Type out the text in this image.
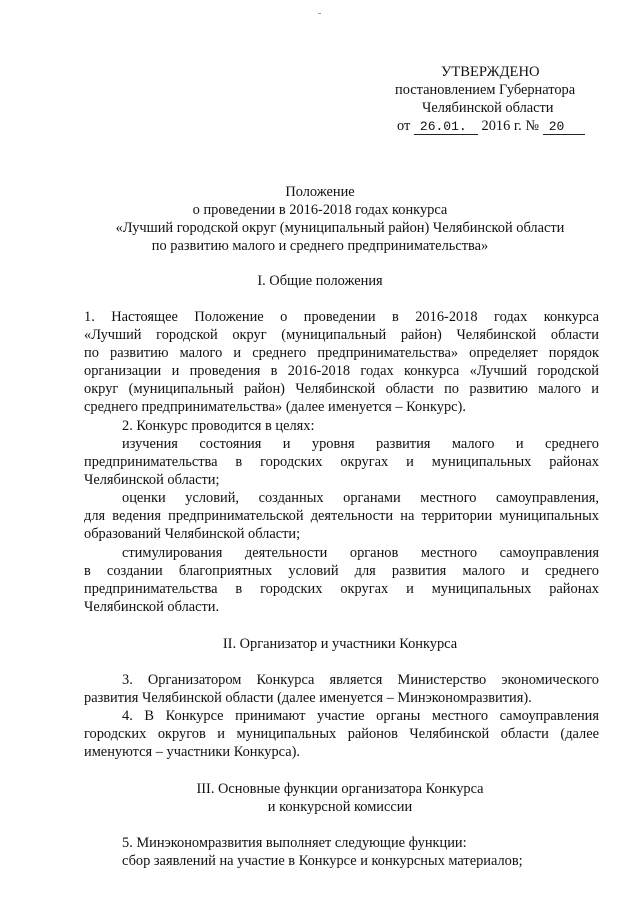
-
УТВЕРЖДЕНО
постановлением Губернатора
Челябинской области
от 26.01. 2016 г. № 20
Положение
о проведении в 2016-2018 годах конкурса
«Лучший городской округ (муниципальный район) Челябинской области
по развитию малого и среднего предпринимательства»
I. Общие положения
1. Настоящее Положение о проведении в 2016-2018 годах конкурса
«Лучший городской округ (муниципальный район) Челябинской области
по развитию малого и среднего предпринимательства» определяет порядок
организации и проведения в 2016-2018 годах конкурса «Лучший городской
округ (муниципальный район) Челябинской области по развитию малого и
среднего предпринимательства» (далее именуется – Конкурс).
2. Конкурс проводится в целях:
изучения состояния и уровня развития малого и среднего
предпринимательства в городских округах и муниципальных районах
Челябинской области;
оценки условий, созданных органами местного самоуправления,
для ведения предпринимательской деятельности на территории муниципальных
образований Челябинской области;
стимулирования деятельности органов местного самоуправления
в создании благоприятных условий для развития малого и среднего
предпринимательства в городских округах и муниципальных районах
Челябинской области.
II. Организатор и участники Конкурса
3. Организатором Конкурса является Министерство экономического
развития Челябинской области (далее именуется – Минэкономразвития).
4. В Конкурсе принимают участие органы местного самоуправления
городских округов и муниципальных районов Челябинской области (далее
именуются – участники Конкурса).
III. Основные функции организатора Конкурса
и конкурсной комиссии
5. Минэкономразвития выполняет следующие функции:
сбор заявлений на участие в Конкурсе и конкурсных материалов;
